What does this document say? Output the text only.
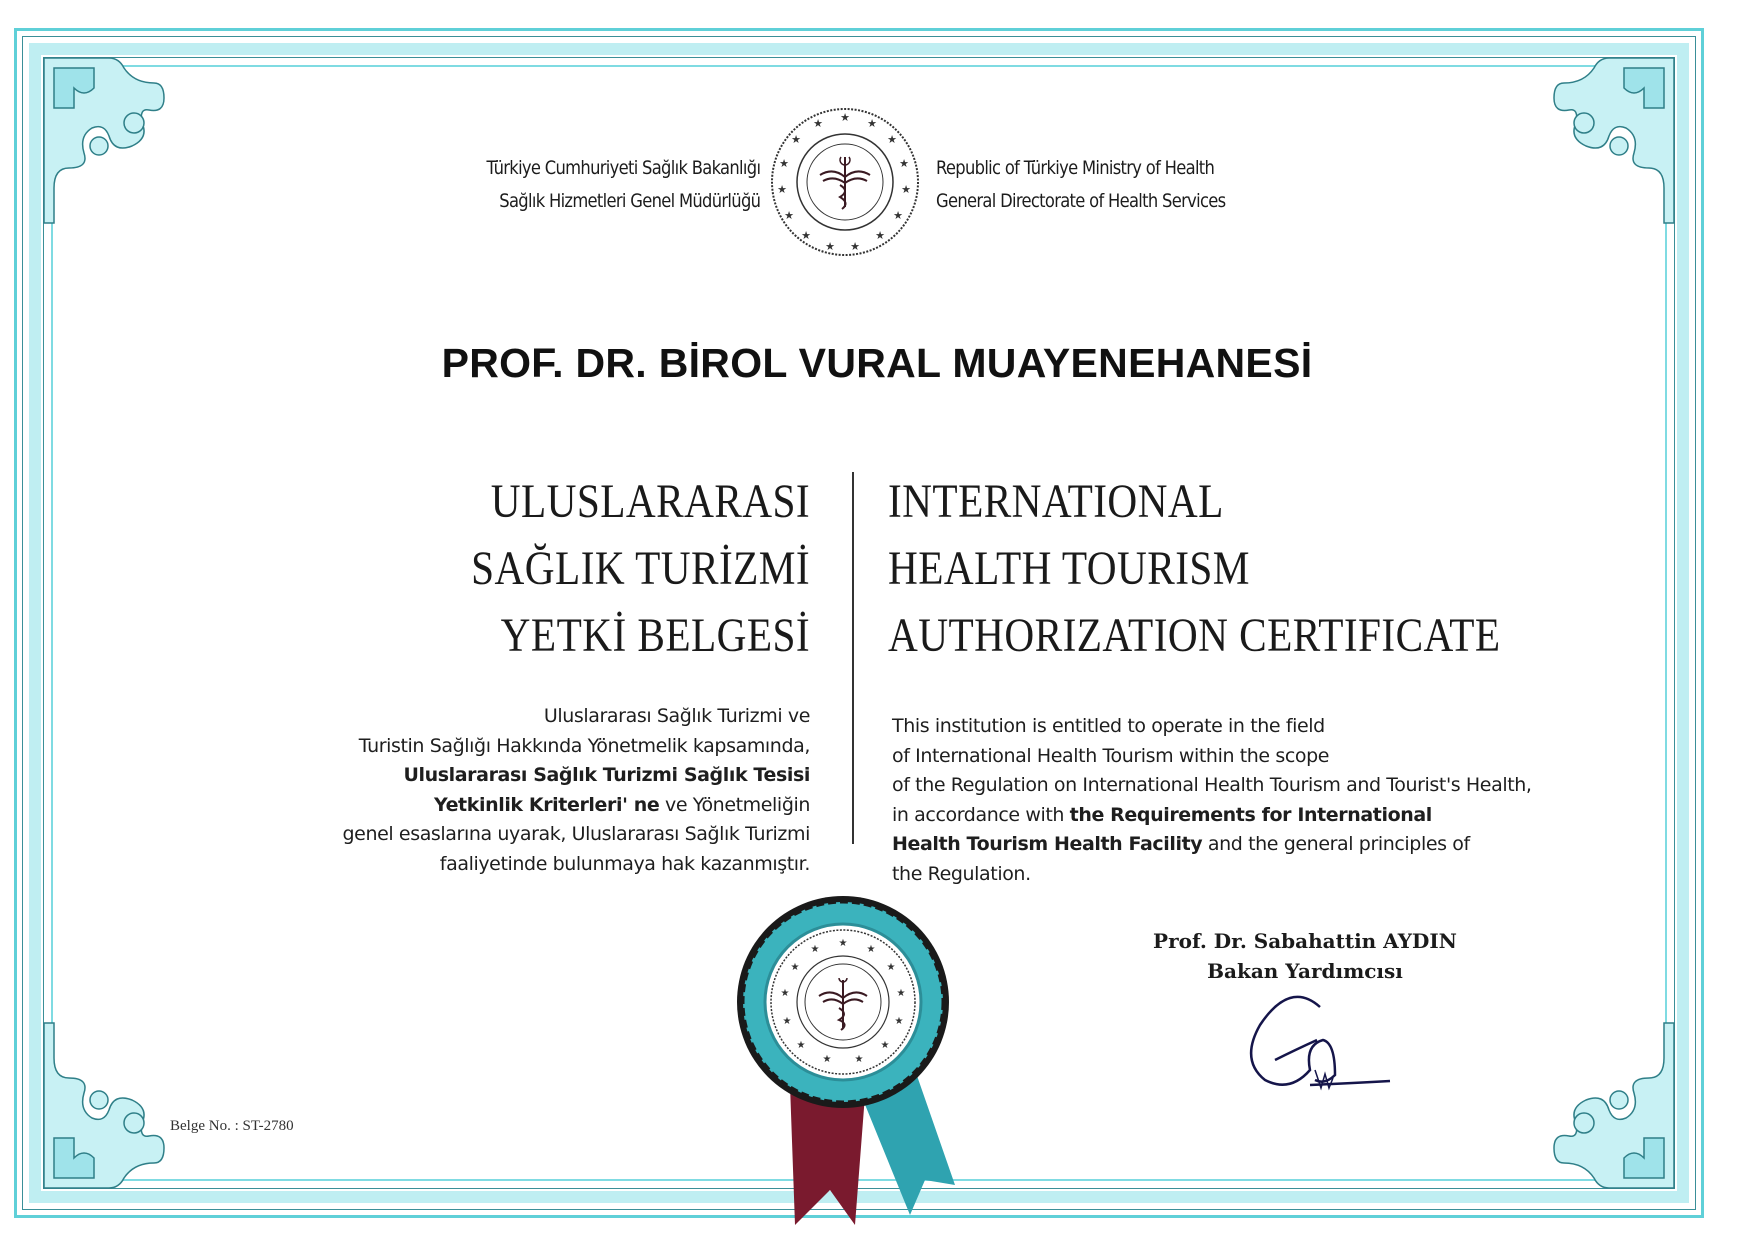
Türkiye Cumhuriyeti Sağlık Bakanlığı
Sağlık Hizmetleri Genel Müdürlüğü
★ ★
★
★
★
★
★
★
★
★
★
★
★
★
★
Republic of Türkiye Ministry of Health
General Directorate of Health Services
PROF. DR. BİROL VURAL MUAYENEHANESİ
ULUSLARARASI
SAĞLIK TURİZMİ
YETKİ BELGESİ
INTERNATIONAL
HEALTH TOURISM
AUTHORIZATION CERTIFICATE
Uluslararası Sağlık Turizmi ve
Turistin Sağlığı Hakkında Yönetmelik kapsamında,
Uluslararası Sağlık Turizmi Sağlık Tesisi
Yetkinlik Kriterleri' ne ve Yönetmeliğin
genel esaslarına uyarak, Uluslararası Sağlık Turizmi
faaliyetinde bulunmaya hak kazanmıştır.
This institution is entitled to operate in the field
of International Health Tourism within the scope
of the Regulation on International Health Tourism and Tourist's Health,
in accordance with the Requirements for International
Health Tourism Health Facility and the general principles of
the Regulation.
★
★
★
★
★
★
★
★
★
★
★
★
★	Prof. Dr. Sabahattin AYDIN
Bakan Yardımcısı
Belge No. : ST-2780
